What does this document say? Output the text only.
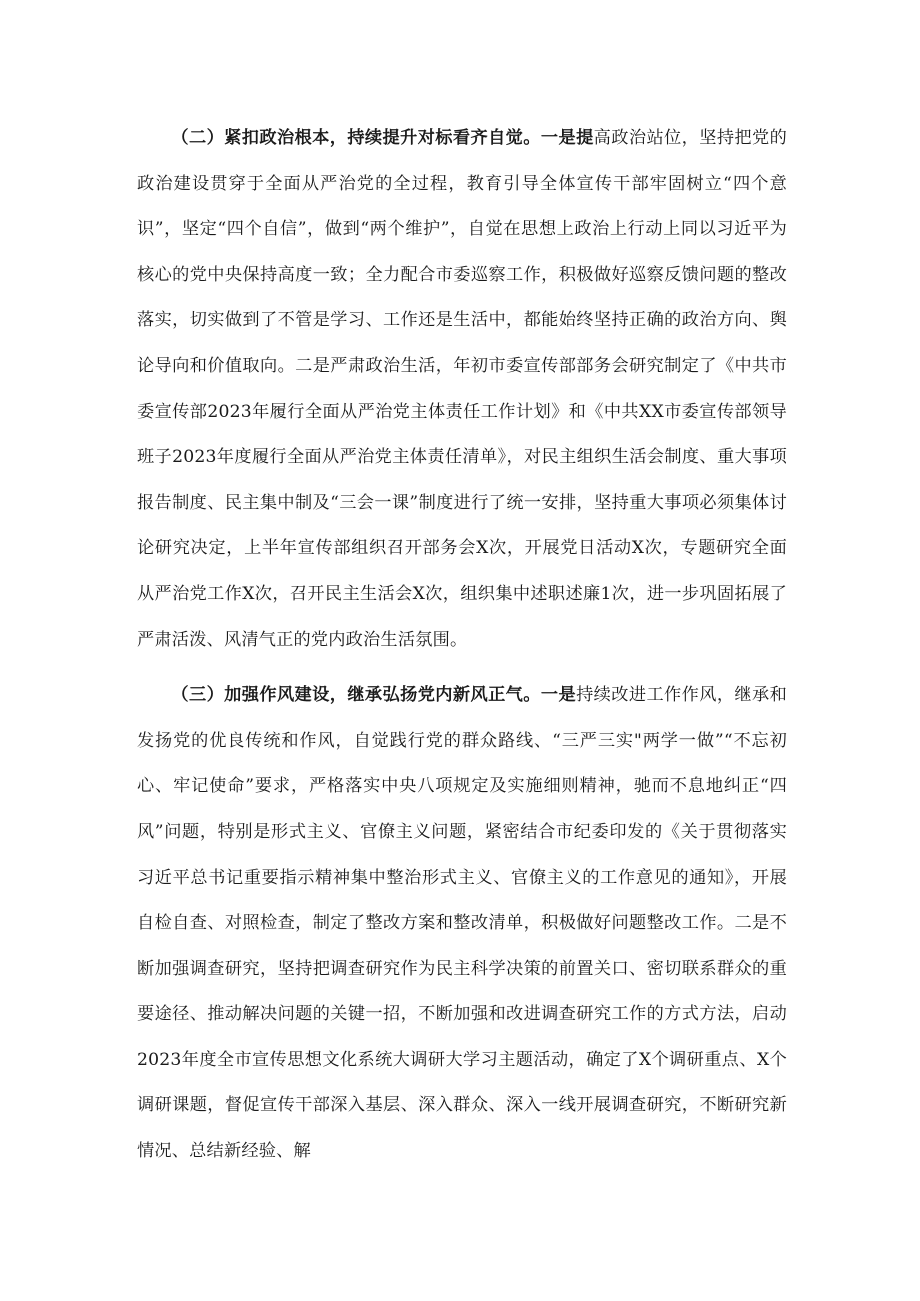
（二）紧扣政治根本，持续提升对标看齐自觉。一是提高政治站位，坚持把党的政治建设贯穿于全面从严治党的全过程，教育引导全体宣传干部牢固树立“四个意识”，坚定“四个自信”，做到“两个维护”，自觉在思想上政治上行动上同以习近平为核心的党中央保持高度一致；全力配合市委巡察工作，积极做好巡察反馈问题的整改落实，切实做到了不管是学习、工作还是生活中，都能始终坚持正确的政治方向、舆论导向和价值取向。二是严肃政治生活，年初市委宣传部部务会研究制定了《中共市委宣传部2023年履行全面从严治党主体责任工作计划》和《中共XX市委宣传部领导班子2023年度履行全面从严治党主体责任清单》，对民主组织生活会制度、重大事项报告制度、民主集中制及“三会一课”制度进行了统一安排，坚持重大事项必须集体讨论研究决定，上半年宣传部组织召开部务会X次，开展党日活动X次，专题研究全面从严治党工作X次，召开民主生活会X次，组织集中述职述廉1次，进一步巩固拓展了严肃活泼、风清气正的党内政治生活氛围。

（三）加强作风建设，继承弘扬党内新风正气。一是持续改进工作作风，继承和发扬党的优良传统和作风，自觉践行党的群众路线、“三严三实"两学一做”“不忘初心、牢记使命”要求，严格落实中央八项规定及实施细则精神，驰而不息地纠正“四风”问题，特别是形式主义、官僚主义问题，紧密结合市纪委印发的《关于贯彻落实习近平总书记重要指示精神集中整治形式主义、官僚主义的工作意见的通知》，开展自检自查、对照检查，制定了整改方案和整改清单，积极做好问题整改工作。二是不断加强调查研究，坚持把调查研究作为民主科学决策的前置关口、密切联系群众的重要途径、推动解决问题的关键一招，不断加强和改进调查研究工作的方式方法，启动2023年度全市宣传思想文化系统大调研大学习主题活动，确定了X个调研重点、X个调研课题，督促宣传干部深入基层、深入群众、深入一线开展调查研究，不断研究新情况、总结新经验、解
